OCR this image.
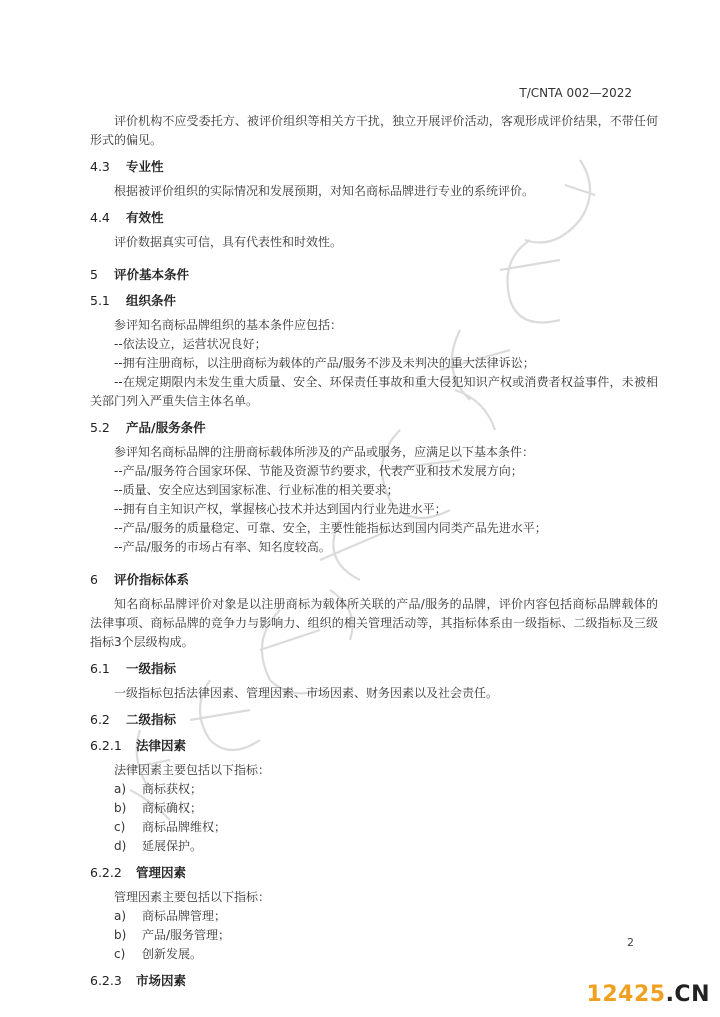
T/CNTA 002—2022

评价机构不应受委托方、被评价组织等相关方干扰，独立开展评价活动，客观形成评价结果，不带任何形式的偏见。

4.3 专业性

根据被评价组织的实际情况和发展预期，对知名商标品牌进行专业的系统评价。

4.4 有效性

评价数据真实可信，具有代表性和时效性。

5 评价基本条件
5.1 组织条件

参评知名商标品牌组织的基本条件应包括：

--依法设立，运营状况良好；

--拥有注册商标，以注册商标为载体的产品/服务不涉及未判决的重大法律诉讼；

--在规定期限内未发生重大质量、安全、环保责任事故和重大侵犯知识产权或消费者权益事件，未被相关部门列入严重失信主体名单。

5.2 产品/服务条件

参评知名商标品牌的注册商标载体所涉及的产品或服务，应满足以下基本条件：

--产品/服务符合国家环保、节能及资源节约要求，代表产业和技术发展方向；

--质量、安全应达到国家标准、行业标准的相关要求；

--拥有自主知识产权，掌握核心技术并达到国内行业先进水平；

--产品/服务的质量稳定、可靠、安全，主要性能指标达到国内同类产品先进水平；

--产品/服务的市场占有率、知名度较高。

6 评价指标体系

知名商标品牌评价对象是以注册商标为载体所关联的产品/服务的品牌，评价内容包括商标品牌载体的法律事项、商标品牌的竞争力与影响力、组织的相关管理活动等，其指标体系由一级指标、二级指标及三级指标3个层级构成。

6.1 一级指标

一级指标包括法律因素、管理因素、市场因素、财务因素以及社会责任。

6.2 二级指标
6.2.1 法律因素

法律因素主要包括以下指标：

a)	商标获权；
b)	商标确权；
c)	商标品牌维权；
d)	延展保护。
6.2.2 管理因素

管理因素主要包括以下指标：

a)	商标品牌管理；
b)	产品/服务管理；
c)	创新发展。
6.2.3 市场因素
2
12425.CN
